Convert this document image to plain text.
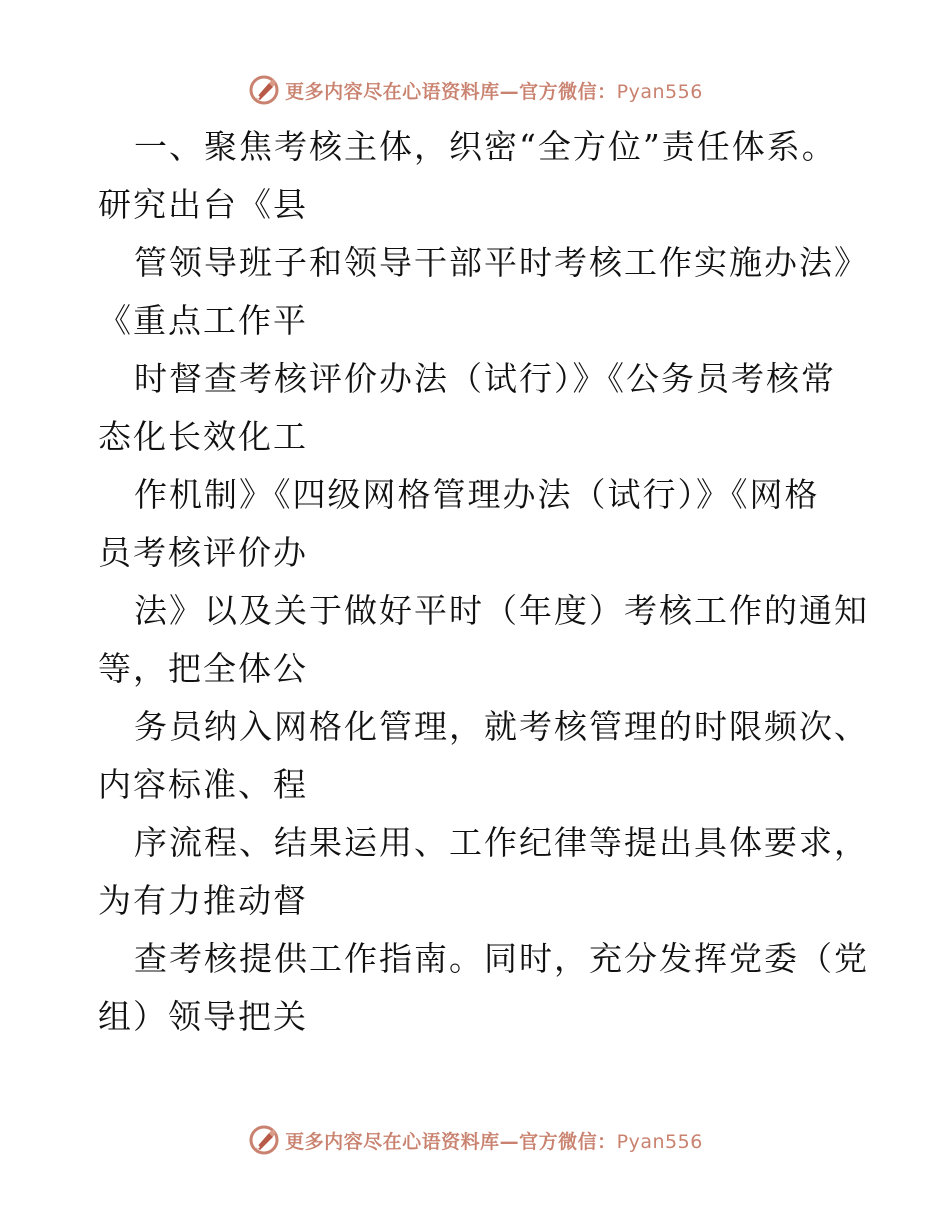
更多内容尽在心语资料库—官方微信：Pyan556
一、聚焦考核主体，织密“全方位”责任体系。
研究出台《县
管领导班子和领导干部平时考核工作实施办法》
《重点工作平
时督查考核评价办法（试行）》《公务员考核常
态化长效化工
作机制》《四级网格管理办法（试行）》《网格
员考核评价办
法》以及关于做好平时（年度）考核工作的通知
等，把全体公
务员纳入网格化管理，就考核管理的时限频次、
内容标准、程
序流程、结果运用、工作纪律等提出具体要求，
为有力推动督
查考核提供工作指南。同时，充分发挥党委（党
组）领导把关
更多内容尽在心语资料库—官方微信：Pyan556
